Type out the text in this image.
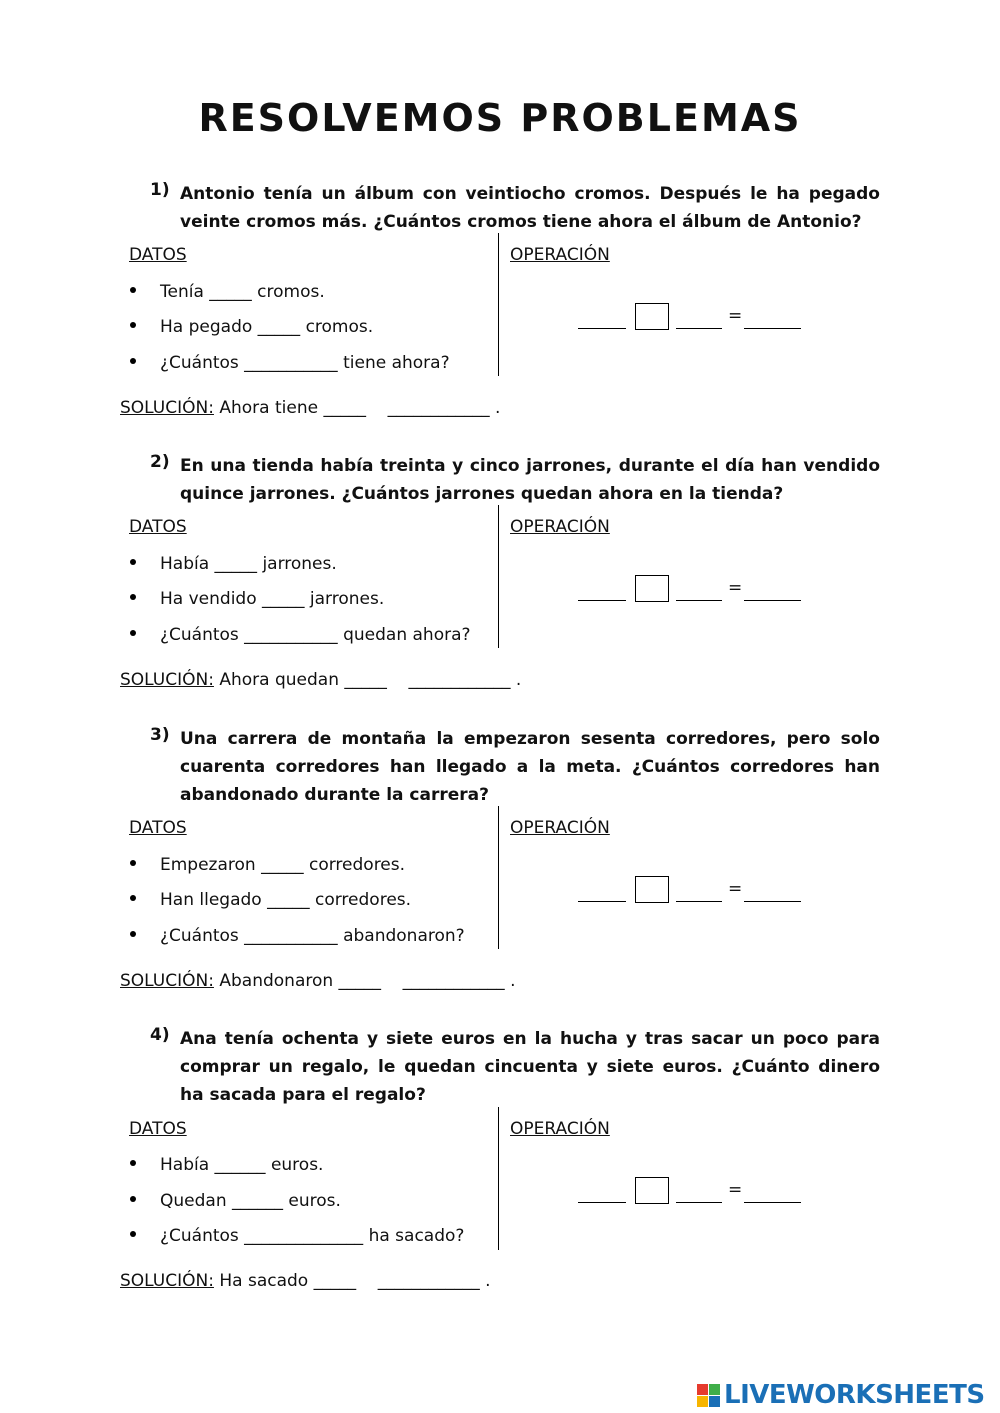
RESOLVEMOS PROBLEMAS
1) Antonio tenía un álbum con veintiocho cromos. Después le ha pegado veinte cromos más. ¿Cuántos cromos tiene ahora el álbum de Antonio?

DATOS	OPERACIÓN
Tenía _____ cromos.
Ha pegado _____ cromos.
¿Cuántos ___________ tiene ahora?
=
SOLUCIÓN: Ahora tiene _____    ____________ .
2) En una tienda había treinta y cinco jarrones, durante el día han vendido quince jarrones. ¿Cuántos jarrones quedan ahora en la tienda?

DATOS	OPERACIÓN
Había _____ jarrones.
Ha vendido _____ jarrones.
¿Cuántos ___________ quedan ahora?
=
SOLUCIÓN: Ahora quedan _____    ____________ .
3) Una carrera de montaña la empezaron sesenta corredores, pero solo cuarenta corredores han llegado a la meta. ¿Cuántos corredores han abandonado durante la carrera?

DATOS	OPERACIÓN
Empezaron _____ corredores.
Han llegado _____ corredores.
¿Cuántos ___________ abandonaron?
=
SOLUCIÓN: Abandonaron _____    ____________ .
4) Ana tenía ochenta y siete euros en la hucha y tras sacar un poco para comprar un regalo, le quedan cincuenta y siete euros. ¿Cuánto dinero ha sacada para el regalo?

DATOS	OPERACIÓN
Había ______ euros.
Quedan ______ euros.
¿Cuántos ______________ ha sacado?
=
SOLUCIÓN: Ha sacado _____    ____________ .
LIVEWORKSHEETS
